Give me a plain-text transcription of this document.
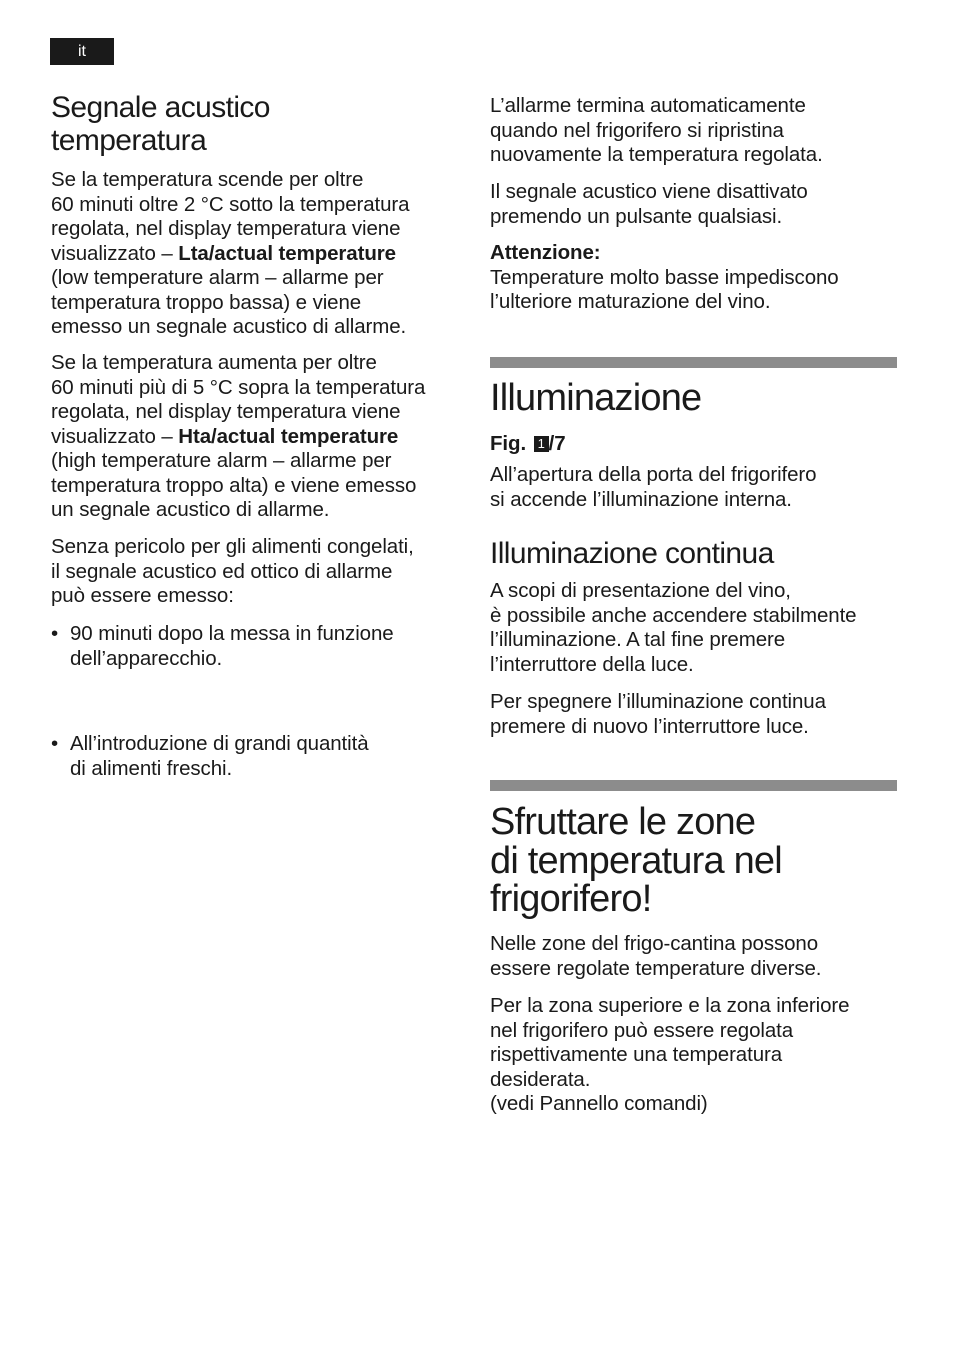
it
Segnale acustico
temperatura

Se la temperatura scende per oltre

60 minuti oltre 2 °C sotto la temperatura

regolata, nel display temperatura viene

visualizzato – Lta/actual temperature

(low temperature alarm – allarme per

temperatura troppo bassa) e viene

emesso un segnale acustico di allarme.

Se la temperatura aumenta per oltre

60 minuti più di 5 °C sopra la temperatura

regolata, nel display temperatura viene

visualizzato – Hta/actual temperature

(high temperature alarm – allarme per

temperatura troppo alta) e viene emesso

un segnale acustico di allarme.

Senza pericolo per gli alimenti congelati,

il segnale acustico ed ottico di allarme

può essere emesso:

• 90 minuti dopo la messa in funzione

dell’apparecchio.

• All’introduzione di grandi quantità

di alimenti freschi.

L’allarme termina automaticamente

quando nel frigorifero si ripristina

nuovamente la temperatura regolata.

Il segnale acustico viene disattivato

premendo un pulsante qualsiasi.

Attenzione:

Temperature molto basse impediscono

l’ulteriore maturazione del vino.

Illuminazione

Fig. 1 /7

All’apertura della porta del frigorifero

si accende l’illuminazione interna.

Illuminazione continua

A scopi di presentazione del vino,

è possibile anche accendere stabilmente

l’illuminazione. A tal fine premere

l’interruttore della luce.

Per spegnere l’illuminazione continua

premere di nuovo l’interruttore luce.

Sfruttare le zone
di temperatura nel
frigorifero!

Nelle zone del frigo-cantina possono

essere regolate temperature diverse.

Per la zona superiore e la zona inferiore

nel frigorifero può essere regolata

rispettivamente una temperatura

desiderata.

(vedi Pannello comandi)
